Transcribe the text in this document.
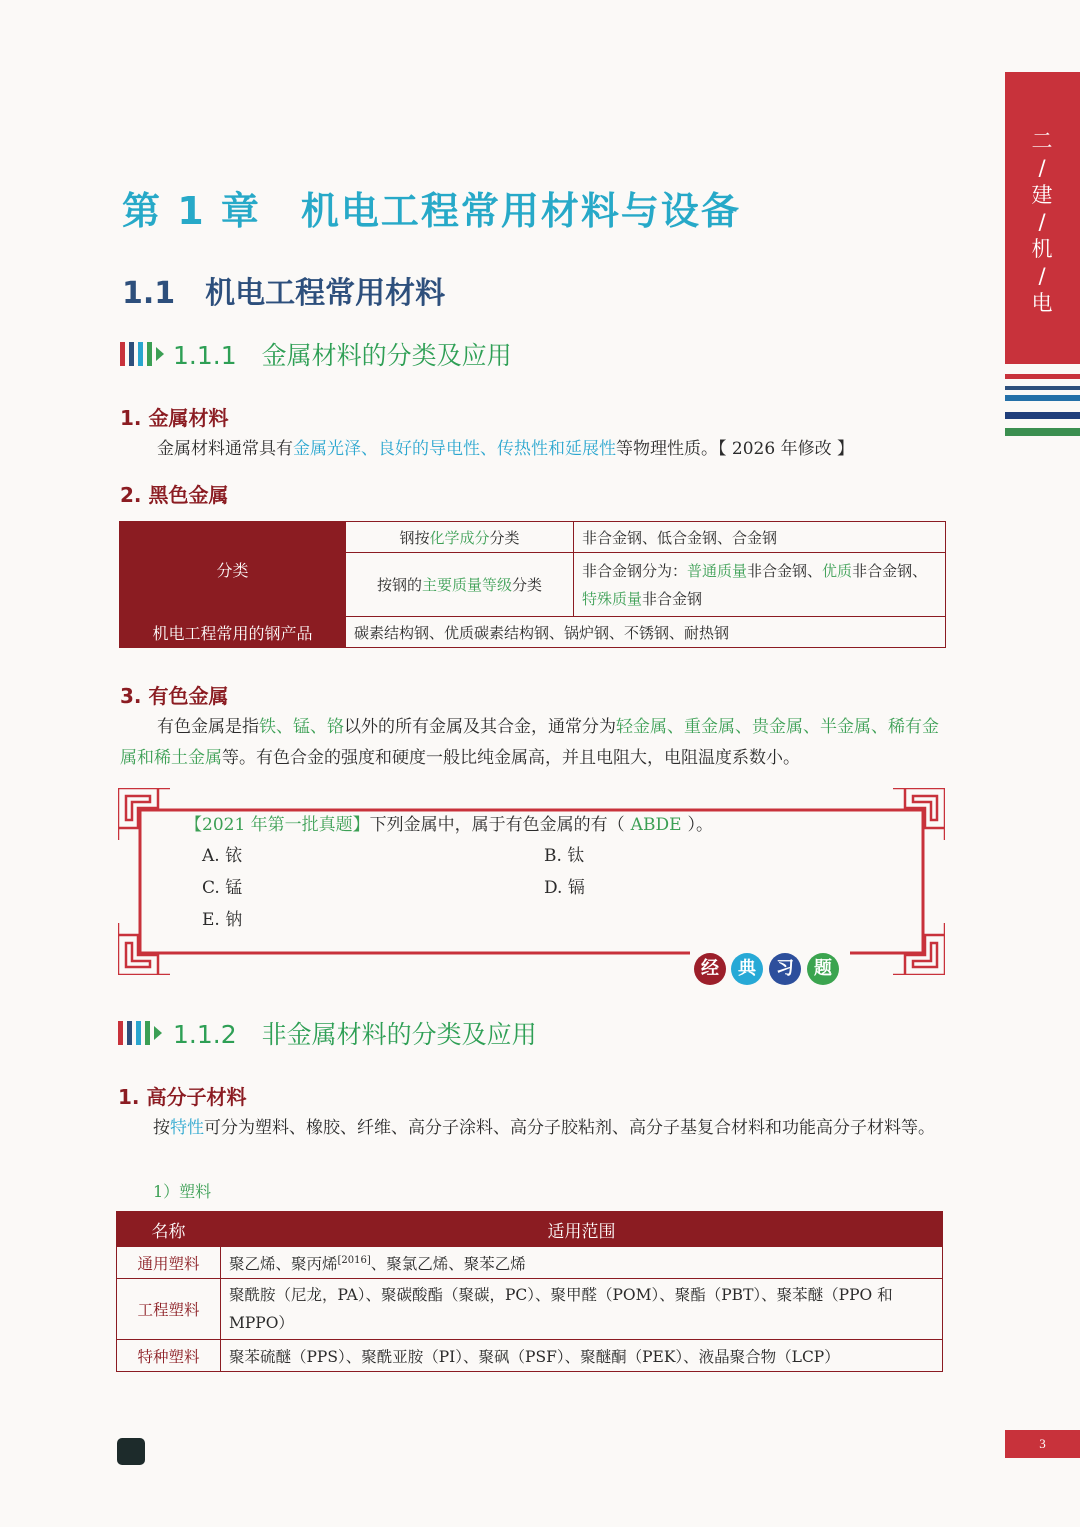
二
/
建
/
机
/
电
第 1 章　机电工程常用材料与设备
1.1　机电工程常用材料
1.1.1　金属材料的分类及应用
1. 金属材料
金属材料通常具有金属光泽、良好的导电性、传热性和延展性等物理性质。【 2026 年修改 】
2. 黑色金属
分类	钢按化学成分分类	非合金钢、低合金钢、合金钢
	按钢的主要质量等级分类	非合金钢分为：普通质量非合金钢、优质非合金钢、特殊质量非合金钢
机电工程常用的钢产品	碳素结构钢、优质碳素结构钢、锅炉钢、不锈钢、耐热钢	
3. 有色金属
有色金属是指铁、锰、铬以外的所有金属及其合金，通常分为轻金属、重金属、贵金属、半金属、稀有金属和稀土金属等。有色合金的强度和硬度一般比纯金属高，并且电阻大，电阻温度系数小。
【2021 年第一批真题】下列金属中，属于有色金属的有（ ABDE ）。
A. 铱	B. 钛
C. 锰	D. 镉
E. 钠
经	典	习	题
1.1.2　非金属材料的分类及应用
1. 高分子材料
按特性可分为塑料、橡胶、纤维、高分子涂料、高分子胶粘剂、高分子基复合材料和功能高分子材料等。
1）塑料
名称	适用范围
通用塑料	聚乙烯、聚丙烯[2016]、聚氯乙烯、聚苯乙烯
工程塑料	聚酰胺（尼龙，PA）、聚碳酸酯（聚碳，PC）、聚甲醛（POM）、聚酯（PBT）、聚苯醚（PPO 和 MPPO）
特种塑料	聚苯硫醚（PPS）、聚酰亚胺（PI）、聚砜（PSF）、聚醚酮（PEK）、液晶聚合物（LCP）
3
